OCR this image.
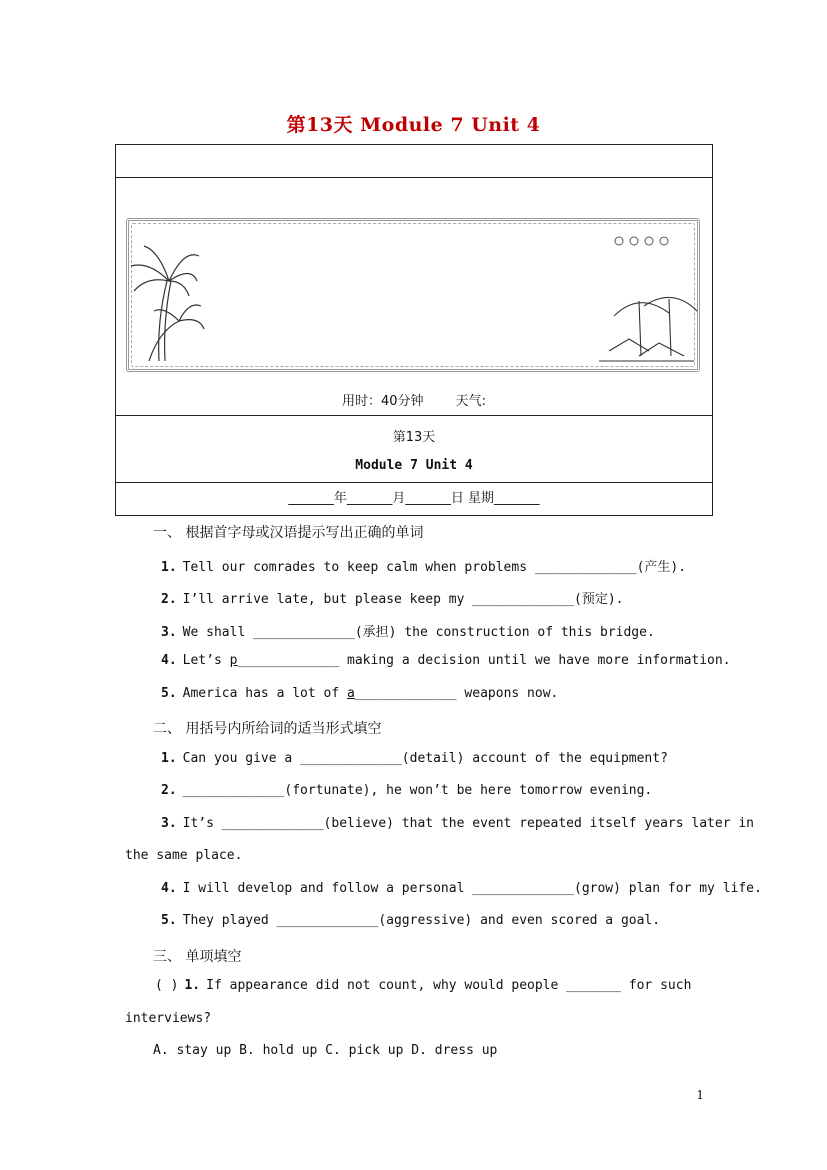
第13天 Module 7 Unit 4
用时：40分钟 天气:
第13天
Module 7 Unit 4
_______年_______月_______日 星期_______
一、 根据首字母或汉语提示写出正确的单词
1. Tell our comrades to keep calm when problems _____________(产生).
2. I’ll arrive late, but please keep my _____________(预定).
3. We shall _____________(承担) the construction of this bridge.
4. Let’s p_____________ making a decision until we have more information.
5. America has a lot of a_____________ weapons now.
二、 用括号内所给词的适当形式填空
1. Can you give a _____________(detail) account of the equipment?
2. _____________(fortunate), he won’t be here tomorrow evening.
3. It’s _____________(believe) that the event repeated itself years later in
the same place.
4. I will develop and follow a personal _____________(grow) plan for my life.
5. They played _____________(aggressive) and even scored a goal.
三、 单项填空
( ) 1. If appearance did not count, why would people _______ for such
interviews?
A. stay up B. hold up C. pick up D. dress up
1
